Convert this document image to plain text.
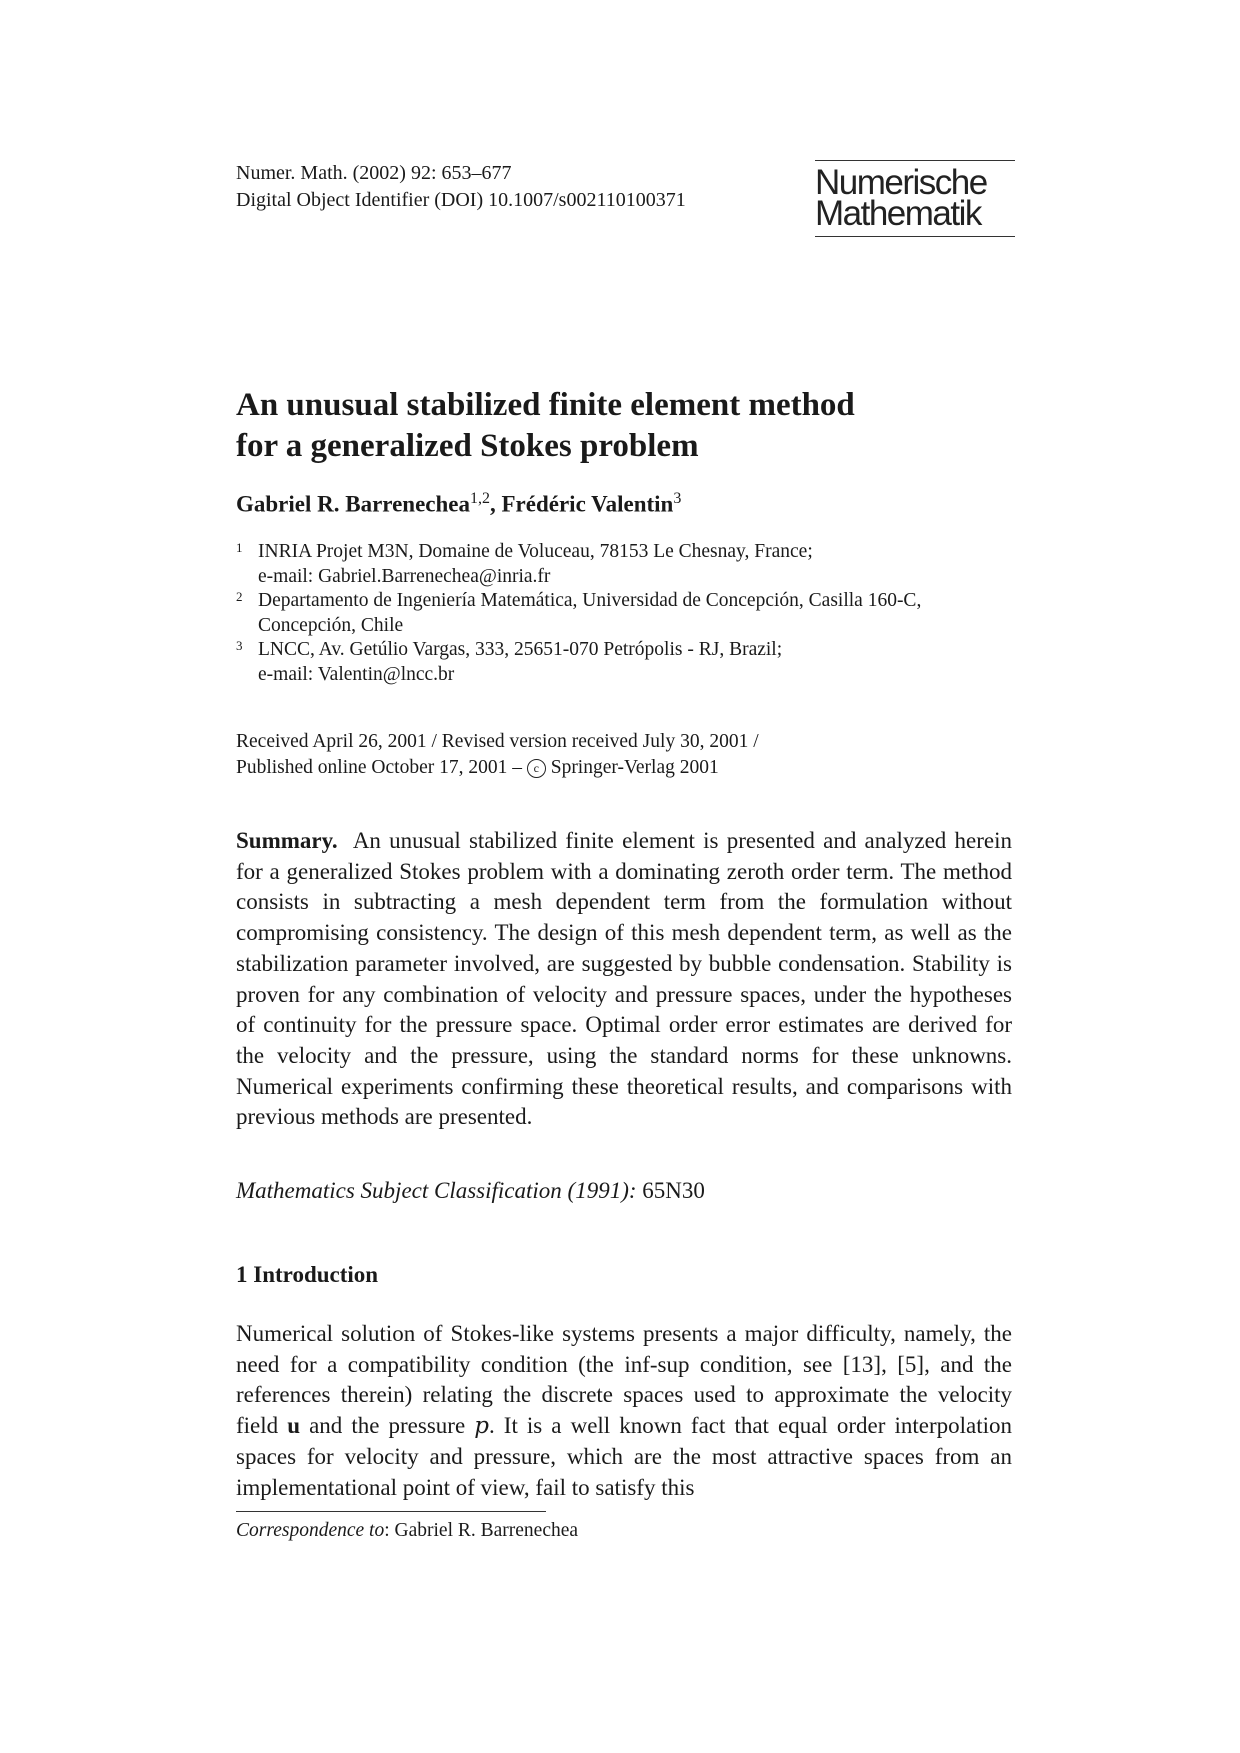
Numer. Math. (2002) 92: 653–677
Digital Object Identifier (DOI) 10.1007/s002110100371	Numerische
Mathematik
An unusual stabilized finite element method
for a generalized Stokes problem
Gabriel R. Barrenechea$^{1,2}$, Frédéric Valentin$^3$
1 INRIA Projet M3N, Domaine de Voluceau, 78153 Le Chesnay, France;
e-mail: Gabriel.Barrenechea@inria.fr
2 Departamento de Ingeniería Matemática, Universidad de Concepción, Casilla 160-C,
Concepción, Chile
3 LNCC, Av. Getúlio Vargas, 333, 25651-070 Petrópolis - RJ, Brazil;
e-mail: Valentin@lncc.br
Received April 26, 2001 / Revised version received July 30, 2001 /
Published online October 17, 2001 – c Springer-Verlag 2001
Summary. An unusual stabilized finite element is presented and analyzed herein for a generalized Stokes problem with a dominating zeroth order term. The method consists in subtracting a mesh dependent term from the formulation without compromising consistency. The design of this mesh dependent term, as well as the stabilization parameter involved, are suggested by bubble condensation. Stability is proven for any combination of velocity and pressure spaces, under the hypotheses of continuity for the pressure space. Optimal order error estimates are derived for the velocity and the pressure, using the standard norms for these unknowns. Numerical experiments confirming these theoretical results, and comparisons with previous methods are presented.
Mathematics Subject Classification (1991): 65N30
1 Introduction
Numerical solution of Stokes-like systems presents a major difficulty, namely, the need for a compatibility condition (the inf-sup condition, see [13], [5], and the references therein) relating the discrete spaces used to approximate the velocity field u and the pressure p. It is a well known fact that equal order interpolation spaces for velocity and pressure, which are the most attractive spaces from an implementational point of view, fail to satisfy this
Correspondence to: Gabriel R. Barrenechea
